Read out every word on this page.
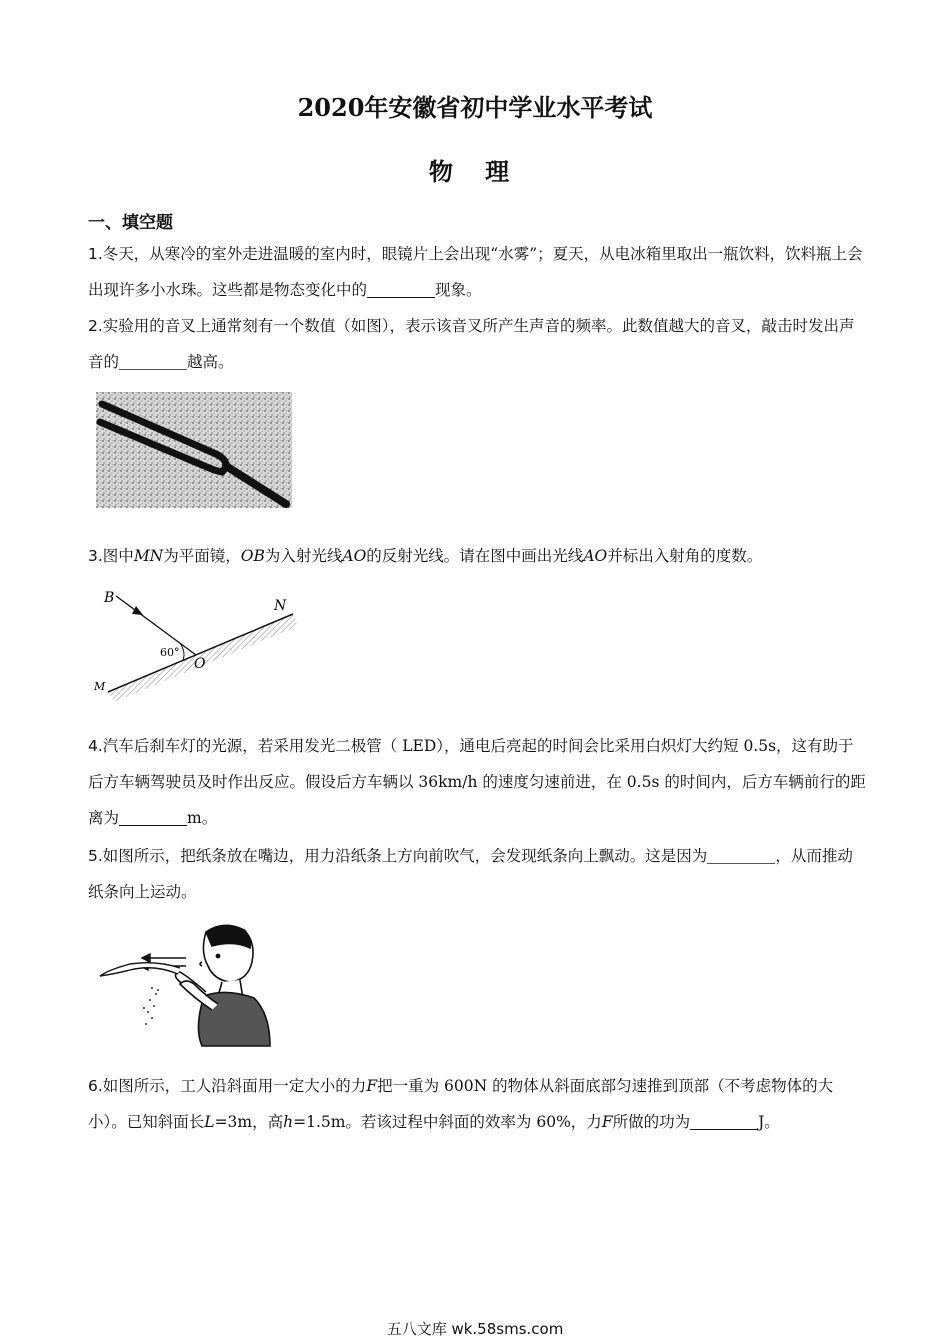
2020年安徽省初中学业水平考试
物 理
一、填空题
1.冬天，从寒冷的室外走进温暖的室内时，眼镜片上会出现“水雾”；夏天，从电冰箱里取出一瓶饮料，饮料瓶上会出现许多小水珠。这些都是物态变化中的	现象。
2.实验用的音叉上通常刻有一个数值（如图），表示该音叉所产生声音的频率。此数值越大的音叉，敲击时发出声音的	越高。
3.图中MN为平面镜，OB为入射光线AO的反射光线。请在图中画出光线AO并标出入射角的度数。
B	N
O
M
60°
4.汽车后刹车灯的光源，若采用发光二极管（ LED），通电后亮起的时间会比采用白炽灯大约短 0.5s，这有助于后方车辆驾驶员及时作出反应。假设后方车辆以 36km/h 的速度匀速前进，在 0.5s 的时间内，后方车辆前行的距离为	m。
5.如图所示，把纸条放在嘴边，用力沿纸条上方向前吹气，会发现纸条向上飘动。这是因为	，从而推动纸条向上运动。
6.如图所示，工人沿斜面用一定大小的力F把一重为 600N 的物体从斜面底部匀速推到顶部（不考虑物体的大小）。已知斜面长L=3m，高h=1.5m。若该过程中斜面的效率为 60%，力F所做的功为	J。
五八文库 wk.58sms.com
